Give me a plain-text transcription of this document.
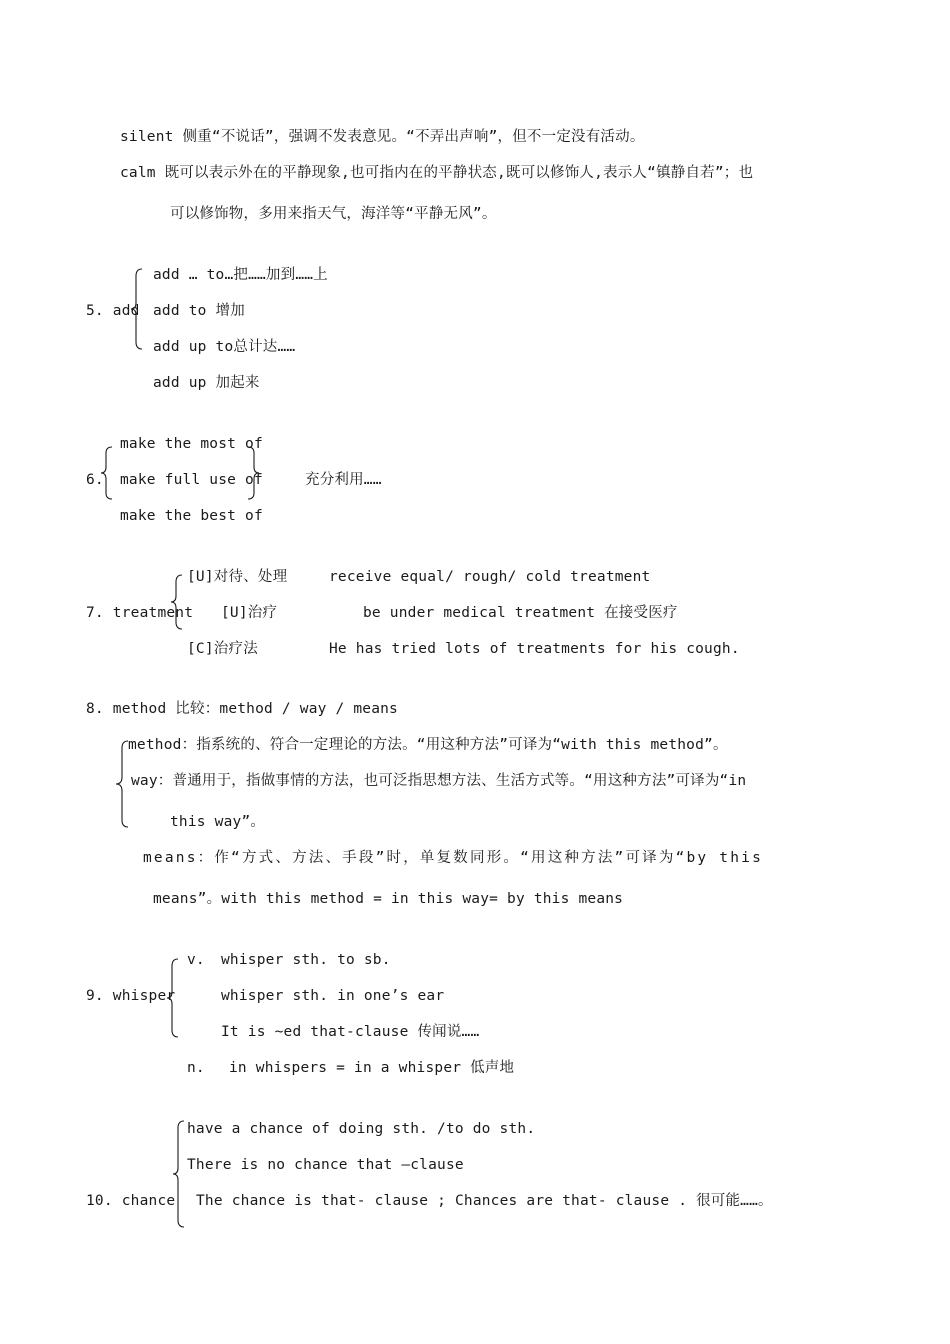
silent 侧重“不说话”，强调不发表意见。“不弄出声响”，但不一定没有活动。
calm 既可以表示外在的平静现象,也可指内在的平静状态,既可以修饰人,表示人“镇静自若”；也
可以修饰物，多用来指天气，海洋等“平静无风”。
5. add
add … to…把……加到……上
add to 增加
add up to总计达……
add up 加起来
6.
make the most of
make full use of
make the best of
充分利用……
7. treatment
[U]对待、处理	receive equal/ rough/ cold treatment
[U]治疗	be under medical treatment 在接受医疗
[C]治疗法	He has tried lots of treatments for his cough.
8. method 比较：method / way / means
method：指系统的、符合一定理论的方法。“用这种方法”可译为“with this method”。
way：普通用于，指做事情的方法，也可泛指思想方法、生活方式等。“用这种方法”可译为“in
this way”。
means：作“方式、方法、手段”时，单复数同形。“用这种方法”可译为“by this
means”。with this method = in this way= by this means
9. whisper
v. whisper sth. to sb.
whisper sth. in one’s ear
It is ~ed that-clause 传闻说……
n. in whispers = in a whisper 低声地
10. chance
have a chance of doing sth. /to do sth.
There is no chance that –clause
The chance is that- clause ; Chances are that- clause . 很可能……。
